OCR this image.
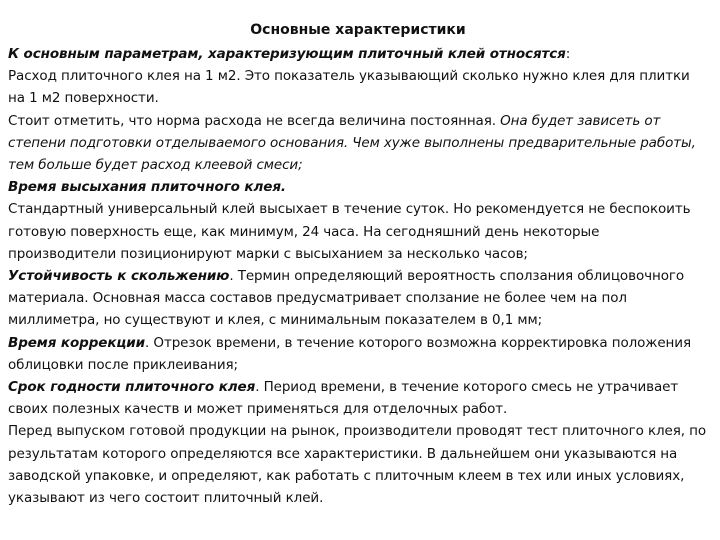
Основные характеристики

К основным параметрам, характеризующим плиточный клей относятся:

Расход плиточного клея на 1 м2. Это показатель указывающий сколько нужно клея для плитки на 1 м2 поверхности.

Стоит отметить, что норма расхода не всегда величина постоянная. Она будет зависеть от степени подготовки отделываемого основания. Чем хуже выполнены предварительные работы, тем больше будет расход клеевой смеси;

Время высыхания плиточного клея.

Стандартный универсальный клей высыхает в течение суток. Но рекомендуется не беспокоить готовую поверхность еще, как минимум, 24 часа. На сегодняшний день некоторые производители позиционируют марки с высыханием за несколько часов;

Устойчивость к скольжению. Термин определяющий вероятность сползания облицовочного материала. Основная масса составов предусматривает сползание не более чем на пол миллиметра, но существуют и клея, с минимальным показателем в 0,1 мм;

Время коррекции. Отрезок времени, в течение которого возможна корректировка положения облицовки после приклеивания;

Срок годности плиточного клея. Период времени, в течение которого смесь не утрачивает своих полезных качеств и может применяться для отделочных работ.

Перед выпуском готовой продукции на рынок, производители проводят тест плиточного клея, по результатам которого определяются все характеристики. В дальнейшем они указываются на заводской упаковке, и определяют, как работать с плиточным клеем в тех или иных условиях, указывают из чего состоит плиточный клей.
